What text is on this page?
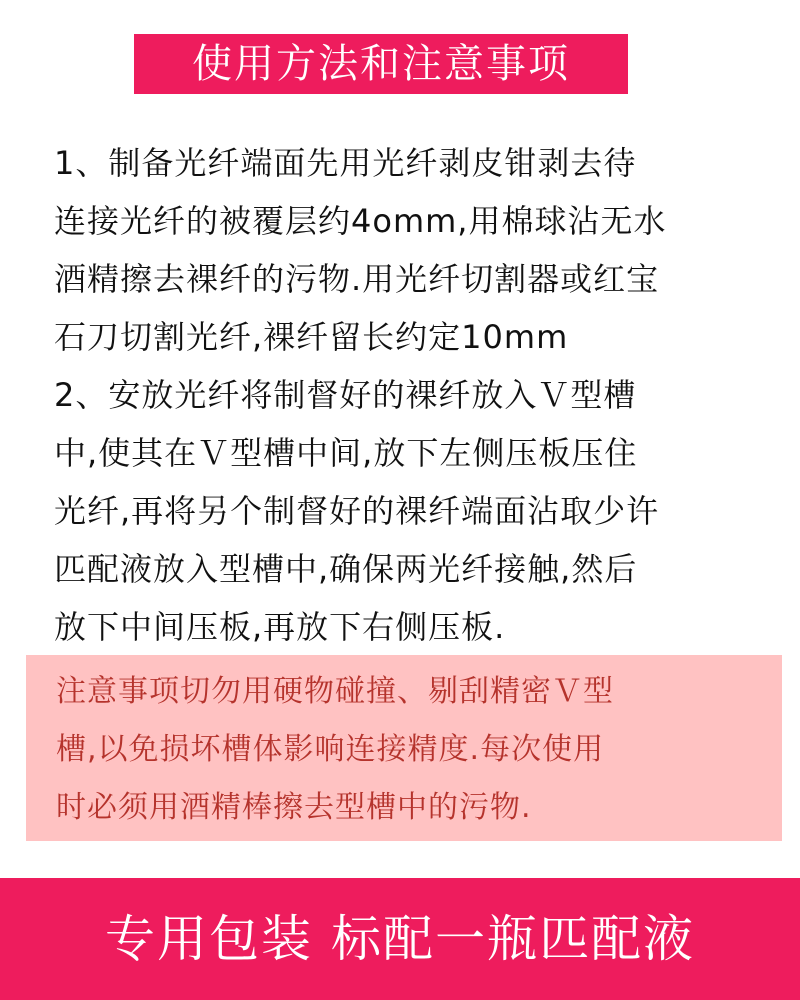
使用方法和注意事项

1、制备光纤端面先用光纤剥皮钳剥去待

连接光纤的被覆层约4omm,用棉球沾无水

酒精擦去裸纤的污物.用光纤切割器或红宝

石刀切割光纤,裸纤留长约定10mm

2、安放光纤将制督好的裸纤放入Ｖ型槽

中,使其在Ｖ型槽中间,放下左侧压板压住

光纤,再将另个制督好的裸纤端面沾取少许

匹配液放入型槽中,确保两光纤接触,然后

放下中间压板,再放下右侧压板.

注意事项切勿用硬物碰撞、剔刮精密Ｖ型

槽,以免损坏槽体影响连接精度.每次使用

时必须用酒精棒擦去型槽中的污物.

专用包装 标配一瓶匹配液
